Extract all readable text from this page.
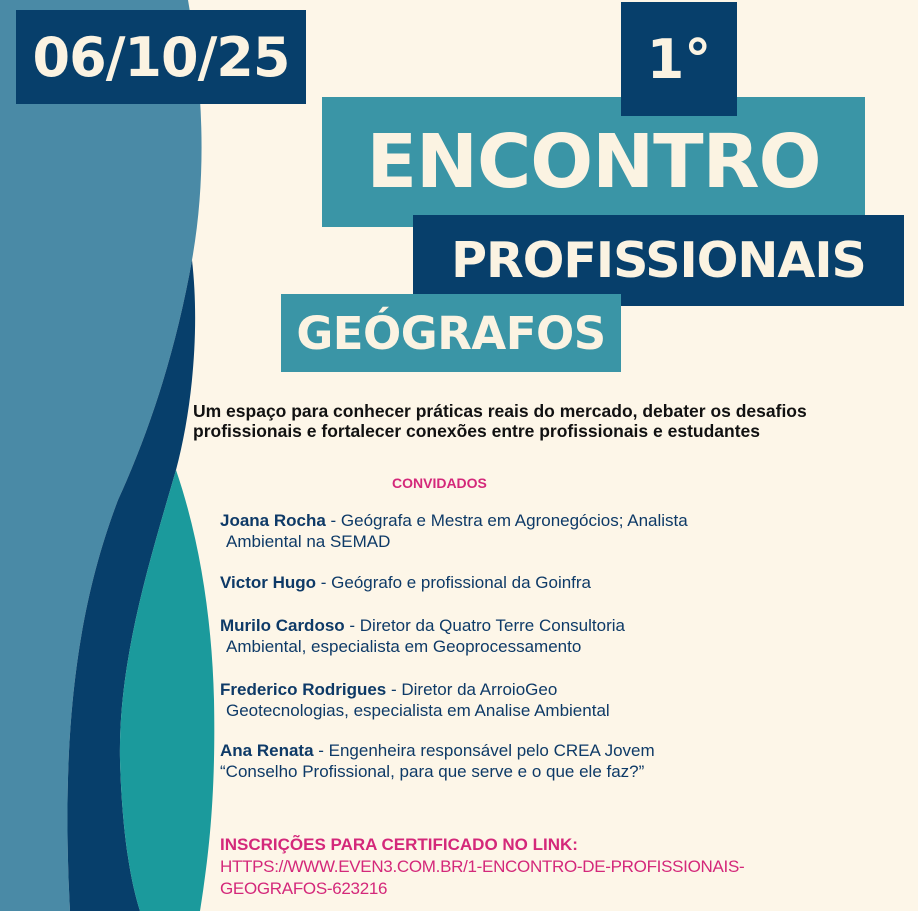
06/10/25
ENCONTRO
1°
PROFISSIONAIS
GEÓGRAFOS
Um espaço para conhecer práticas reais do mercado, debater os desafios profissionais e fortalecer conexões entre profissionais e estudantes
CONVIDADOS
Joana Rocha - Geógrafa e Mestra em Agronegócios; Analista
Ambiental na SEMAD
Victor Hugo - Geógrafo e profissional da Goinfra
Murilo Cardoso - Diretor da Quatro Terre Consultoria
Ambiental, especialista em Geoprocessamento
Frederico Rodrigues - Diretor da ArroioGeo
Geotecnologias, especialista em Analise Ambiental
Ana Renata - Engenheira responsável pelo CREA Jovem
“Conselho Profissional, para que serve e o que ele faz?”
INSCRIÇÕES PARA CERTIFICADO NO LINK:
HTTPS://WWW.EVEN3.COM.BR/1-ENCONTRO-DE-PROFISSIONAIS-
GEOGRAFOS-623216
